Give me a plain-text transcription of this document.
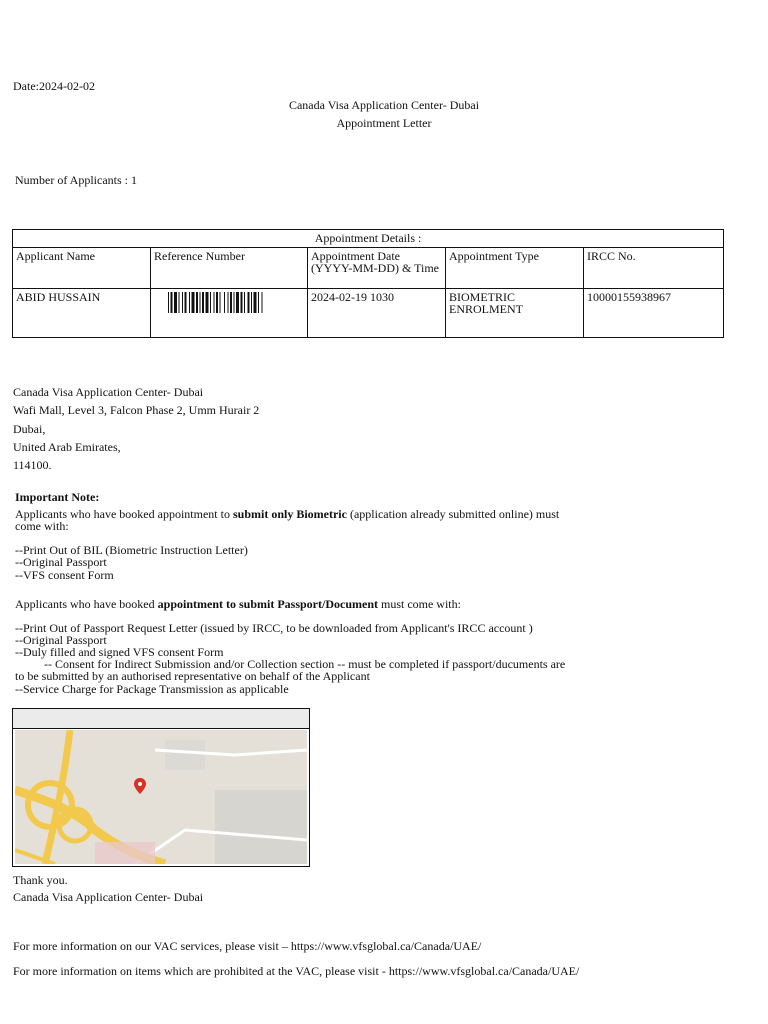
Date:2024-02-02
Canada Visa Application Center- Dubai
Appointment Letter
Number of Applicants : 1
Appointment Details :				
Applicant Name	Reference Number	Appointment Date (YYYY-MM-DD) & Time	Appointment Type	IRCC No.
ABID HUSSAIN		2024-02-19 1030	BIOMETRIC ENROLMENT	10000155938967
Canada Visa Application Center- Dubai
Wafi Mall, Level 3, Falcon Phase 2, Umm Hurair 2
Dubai,
United Arab Emirates,
114100.
Important Note:
Applicants who have booked appointment to submit only Biometric (application already submitted online) must
come with:
--Print Out of BIL (Biometric Instruction Letter)
--Original Passport
--VFS consent Form
Applicants who have booked appointment to submit Passport/Document must come with:
--Print Out of Passport Request Letter (issued by IRCC, to be downloaded from Applicant's IRCC account )
--Original Passport
--Duly filled and signed VFS consent Form
-- Consent for Indirect Submission and/or Collection section -- must be completed if passport/ducuments are
to be submitted by an authorised representative on behalf of the Applicant
--Service Charge for Package Transmission as applicable
Thank you.
Canada Visa Application Center- Dubai
For more information on our VAC services, please visit – https://www.vfsglobal.ca/Canada/UAE/
For more information on items which are prohibited at the VAC, please visit - https://www.vfsglobal.ca/Canada/UAE/
